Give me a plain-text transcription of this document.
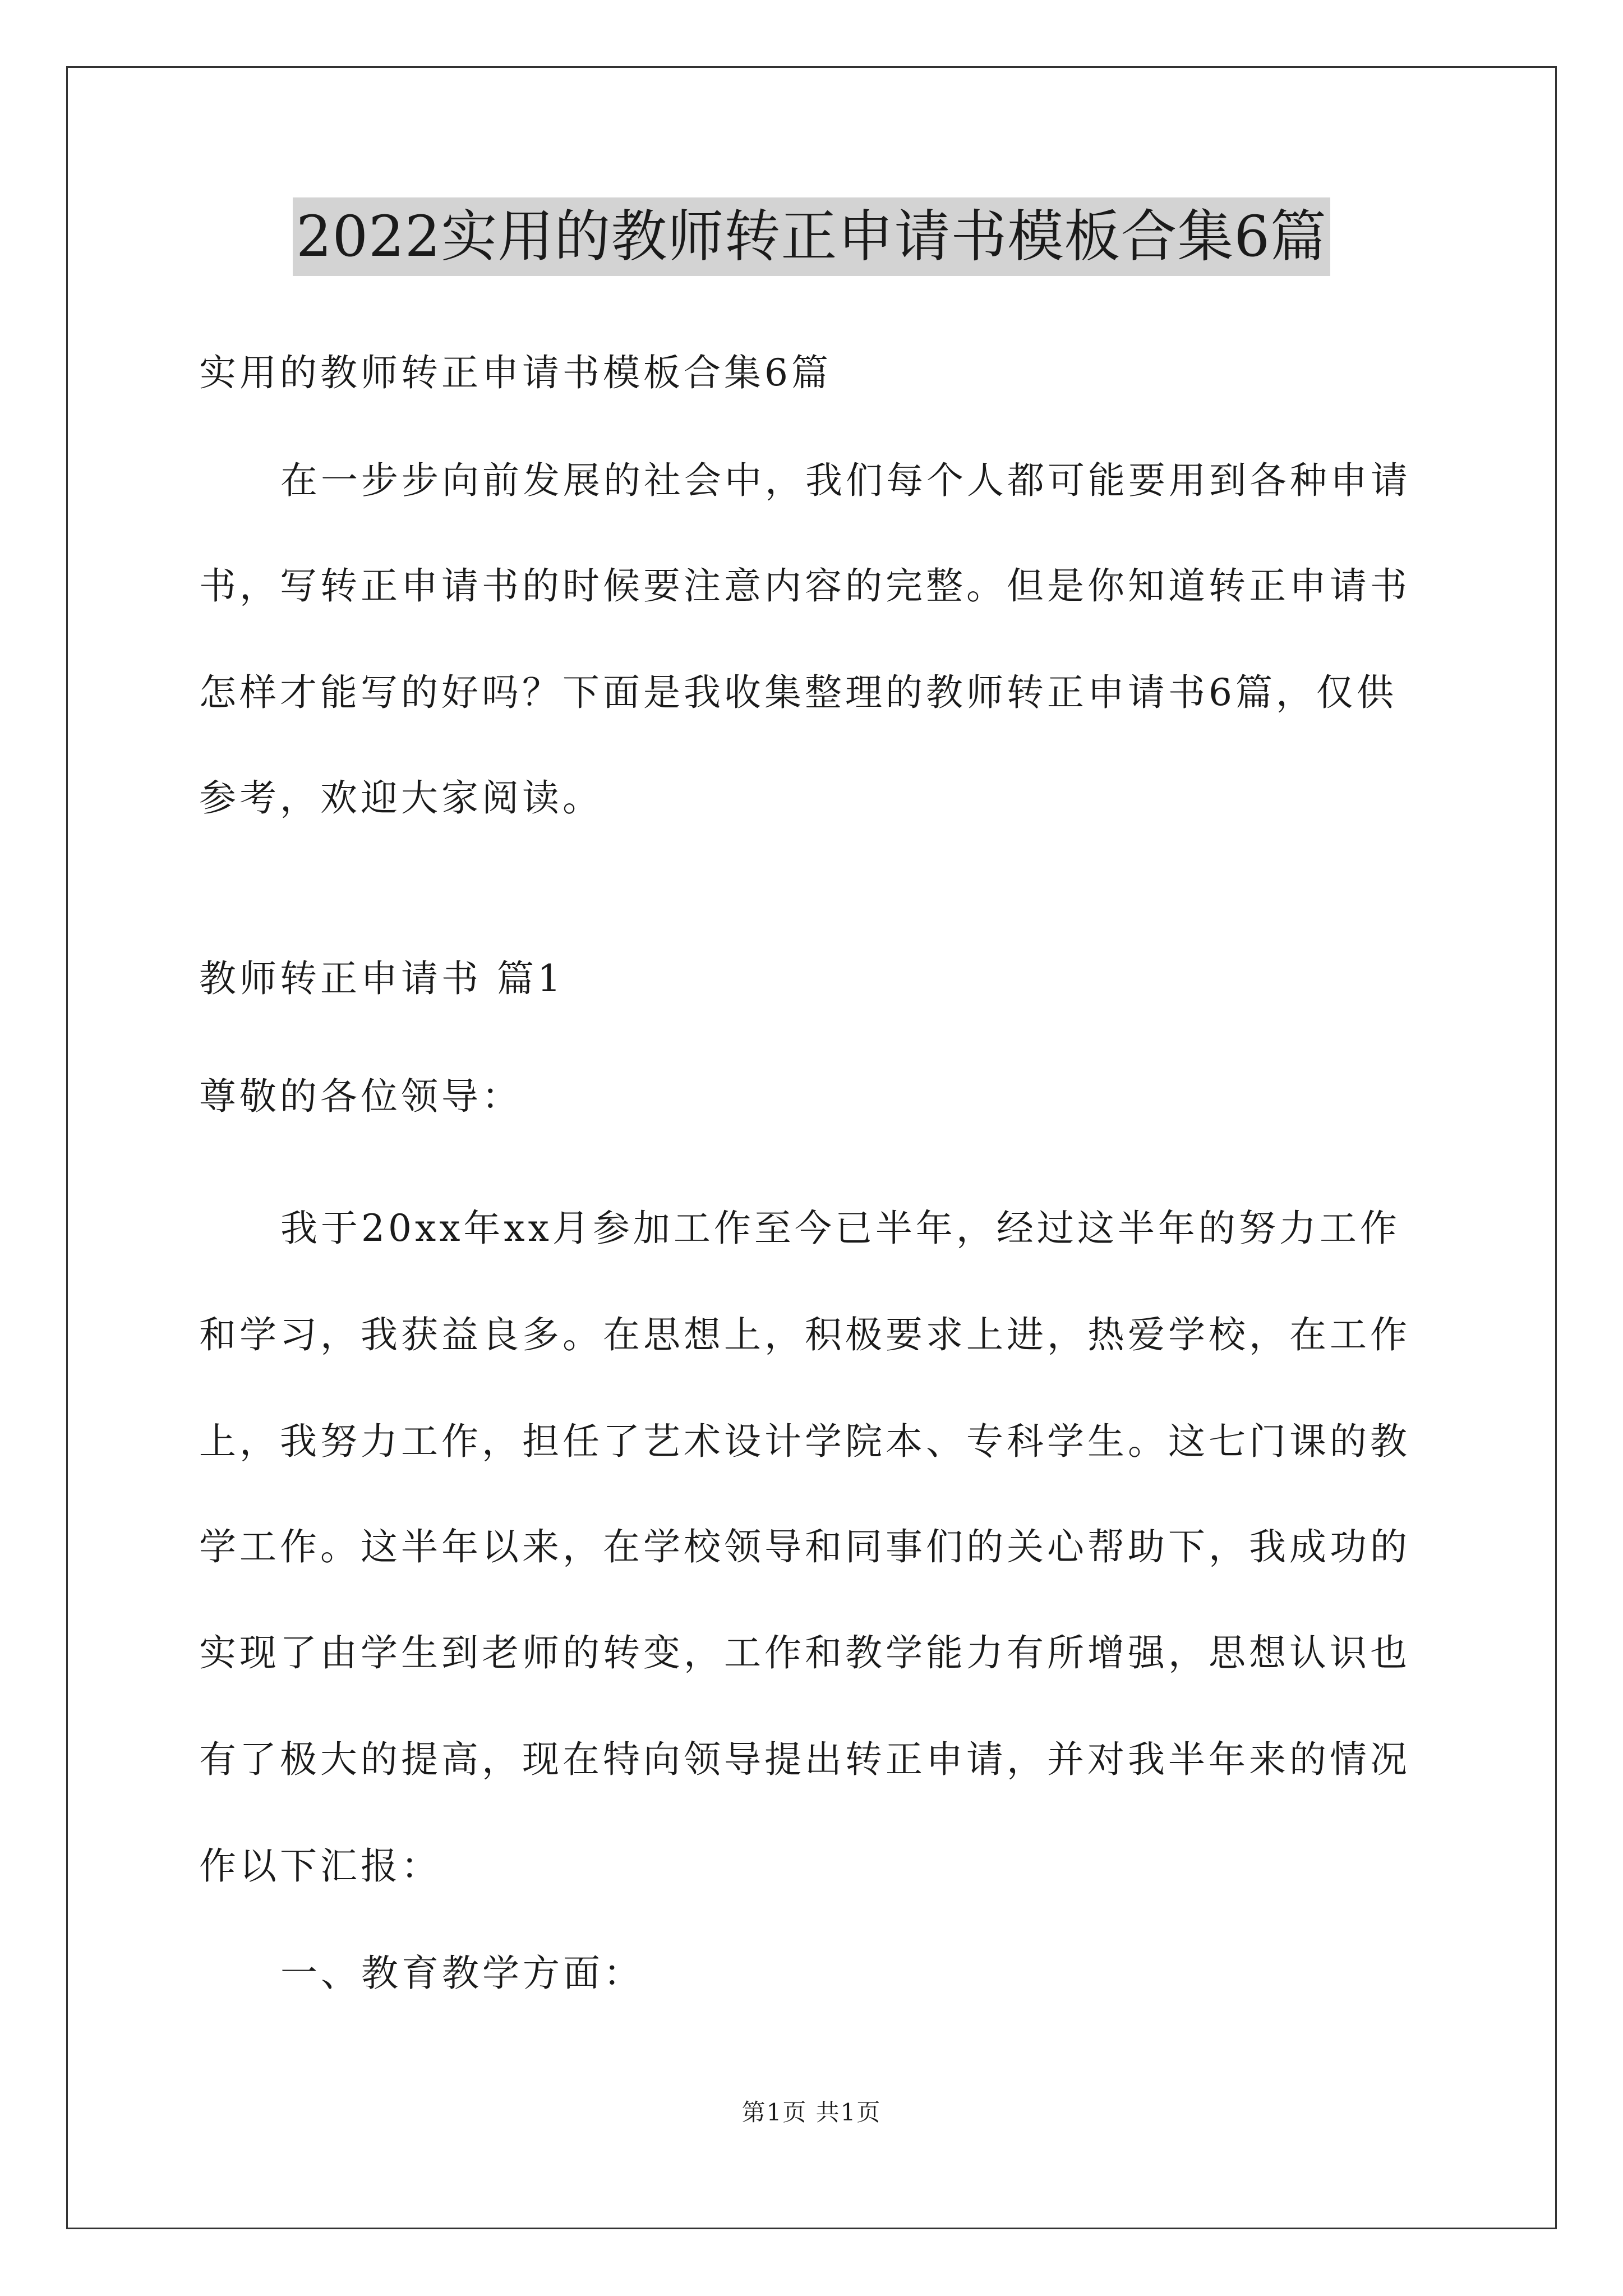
2022实用的教师转正申请书模板合集6篇
实用的教师转正申请书模板合集6篇
在一步步向前发展的社会中，我们每个人都可能要用到各种申请
书，写转正申请书的时候要注意内容的完整。但是你知道转正申请书
怎样才能写的好吗？下面是我收集整理的教师转正申请书6篇，仅供
参考，欢迎大家阅读。
教师转正申请书 篇1
尊敬的各位领导：
我于20xx年xx月参加工作至今已半年，经过这半年的努力工作
和学习，我获益良多。在思想上，积极要求上进，热爱学校，在工作
上，我努力工作，担任了艺术设计学院本、专科学生。这七门课的教
学工作。这半年以来，在学校领导和同事们的关心帮助下，我成功的
实现了由学生到老师的转变，工作和教学能力有所增强，思想认识也
有了极大的提高，现在特向领导提出转正申请，并对我半年来的情况
作以下汇报：
一、教育教学方面：
第1页 共1页
